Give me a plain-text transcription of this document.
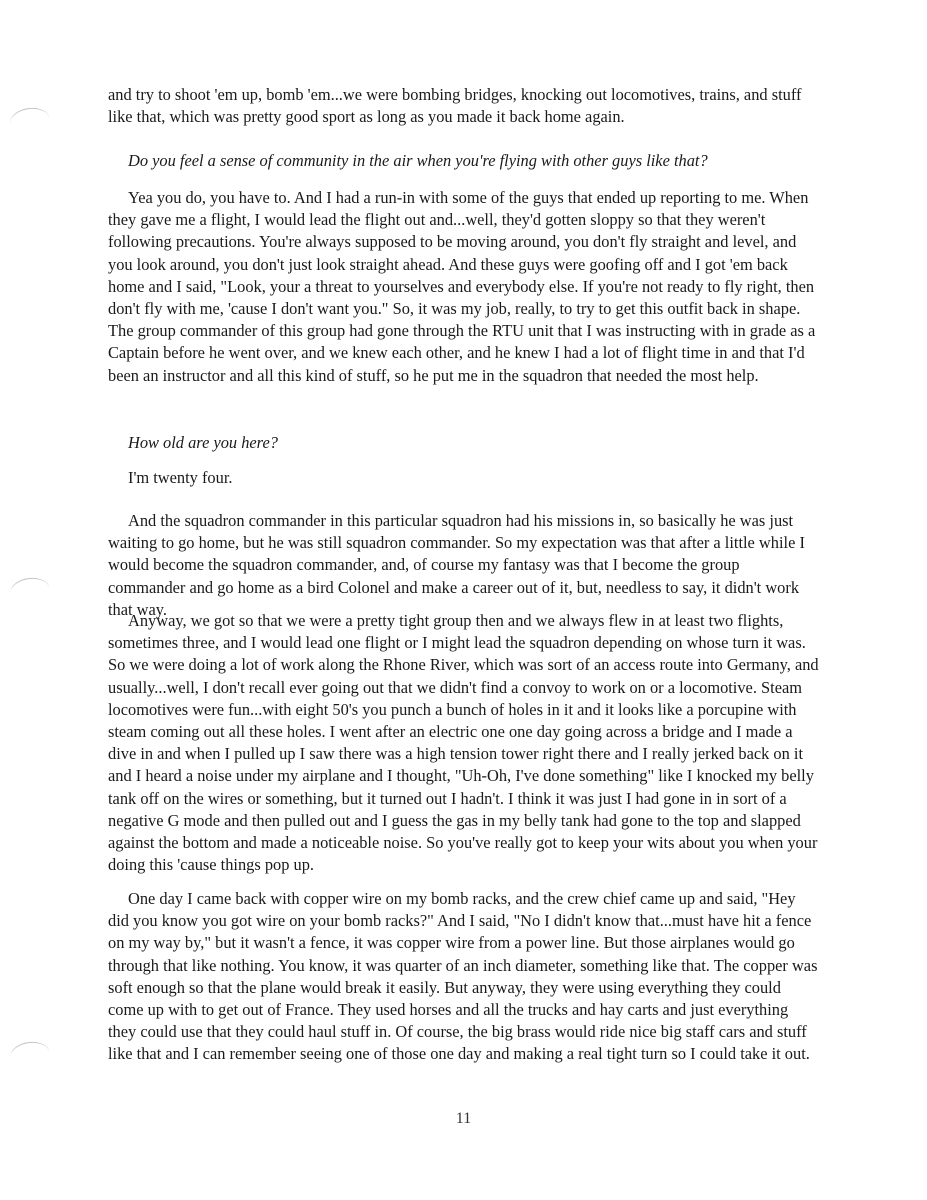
and try to shoot 'em up, bomb 'em...we were bombing bridges, knocking out locomotives, trains, and stuff like that, which was pretty good sport as long as you made it back home again.

Do you feel a sense of community in the air when you're flying with other guys like that?

Yea you do, you have to. And I had a run-in with some of the guys that ended up reporting to me. When they gave me a flight, I would lead the flight out and...well, they'd gotten sloppy so that they weren't following precautions. You're always supposed to be moving around, you don't fly straight and level, and you look around, you don't just look straight ahead. And these guys were goofing off and I got 'em back home and I said, "Look, your a threat to yourselves and everybody else. If you're not ready to fly right, then don't fly with me, 'cause I don't want you." So, it was my job, really, to try to get this outfit back in shape. The group commander of this group had gone through the RTU unit that I was instructing with in grade as a Captain before he went over, and we knew each other, and he knew I had a lot of flight time in and that I'd been an instructor and all this kind of stuff, so he put me in the squadron that needed the most help.

How old are you here?

I'm twenty four.

And the squadron commander in this particular squadron had his missions in, so basically he was just waiting to go home, but he was still squadron commander. So my expectation was that after a little while I would become the squadron commander, and, of course my fantasy was that I become the group commander and go home as a bird Colonel and make a career out of it, but, needless to say, it didn't work that way.

Anyway, we got so that we were a pretty tight group then and we always flew in at least two flights, sometimes three, and I would lead one flight or I might lead the squadron depending on whose turn it was. So we were doing a lot of work along the Rhone River, which was sort of an access route into Germany, and usually...well, I don't recall ever going out that we didn't find a convoy to work on or a locomotive. Steam locomotives were fun...with eight 50's you punch a bunch of holes in it and it looks like a porcupine with steam coming out all these holes. I went after an electric one one day going across a bridge and I made a dive in and when I pulled up I saw there was a high tension tower right there and I really jerked back on it and I heard a noise under my airplane and I thought, "Uh-Oh, I've done something" like I knocked my belly tank off on the wires or something, but it turned out I hadn't. I think it was just I had gone in in sort of a negative G mode and then pulled out and I guess the gas in my belly tank had gone to the top and slapped against the bottom and made a noticeable noise. So you've really got to keep your wits about you when your doing this 'cause things pop up.

One day I came back with copper wire on my bomb racks, and the crew chief came up and said, "Hey did you know you got wire on your bomb racks?" And I said, "No I didn't know that...must have hit a fence on my way by," but it wasn't a fence, it was copper wire from a power line. But those airplanes would go through that like nothing. You know, it was quarter of an inch diameter, something like that. The copper was soft enough so that the plane would break it easily. But anyway, they were using everything they could come up with to get out of France. They used horses and all the trucks and hay carts and just everything they could use that they could haul stuff in. Of course, the big brass would ride nice big staff cars and stuff like that and I can remember seeing one of those one day and making a real tight turn so I could take it out.

11
